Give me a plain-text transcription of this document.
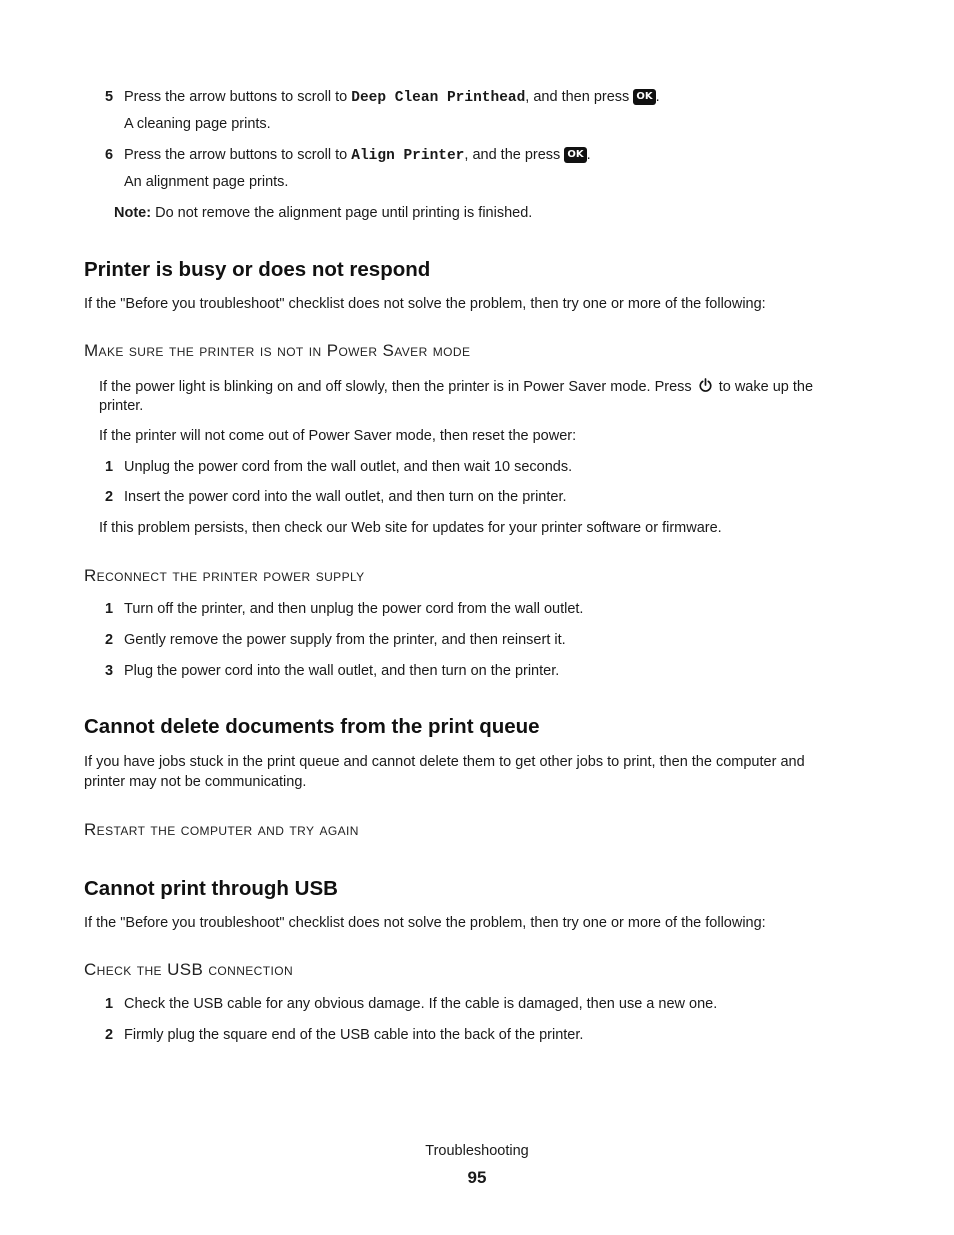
5 Press the arrow buttons to scroll to Deep Clean Printhead, and then press OK .

A cleaning page prints.

6 Press the arrow buttons to scroll to Align Printer, and the press OK .

An alignment page prints.

Note: Do not remove the alignment page until printing is finished.

Printer is busy or does not respond

If the "Before you troubleshoot" checklist does not solve the problem, then try one or more of the following:

Make sure the printer is not in Power Saver mode

If the power light is blinking on and off slowly, then the printer is in Power Saver mode. Press  to wake up the

printer.

If the printer will not come out of Power Saver mode, then reset the power:

1 Unplug the power cord from the wall outlet, and then wait 10 seconds.
2 Insert the power cord into the wall outlet, and then turn on the printer.

If this problem persists, then check our Web site for updates for your printer software or firmware.

Reconnect the printer power supply
1 Turn off the printer, and then unplug the power cord from the wall outlet.
2 Gently remove the power supply from the printer, and then reinsert it.
3 Plug the power cord into the wall outlet, and then turn on the printer.
Cannot delete documents from the print queue

If you have jobs stuck in the print queue and cannot delete them to get other jobs to print, then the computer and

printer may not be communicating.

Restart the computer and try again
Cannot print through USB

If the "Before you troubleshoot" checklist does not solve the problem, then try one or more of the following:

Check the USB connection
1 Check the USB cable for any obvious damage. If the cable is damaged, then use a new one.
2 Firmly plug the square end of the USB cable into the back of the printer.
Troubleshooting
95
